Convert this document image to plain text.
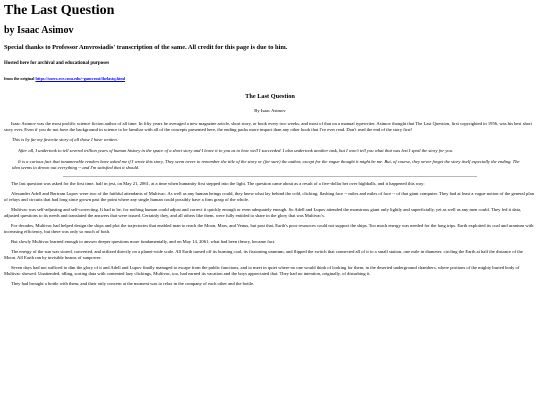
The Last Question
by Isaac Asimov
Special thanks to Professor Amvrosiadis' transcription of the same. All credit for this page is due to him.
Hosted here for archival and educational purposes
from the original https://users.ece.cmu.edu/~gamvrosi/thelastq.html
The Last Question
By Isaac Asimov

Isaac Asimov was the most prolific science fiction author of all time. In fifty years he averaged a new magazine article, short story, or book every two weeks, and most of that on a manual typewriter. Asimov thought that The Last Question, first copyrighted in 1956, was his best short story ever. Even if you do not have the background in science to be familiar with all of the concepts presented here, the ending packs more impact than any other book that I've ever read. Don't read the end of the story first!

This is by far my favorite story of all those I have written.

After all, I undertook to tell several trillion years of human history in the space of a short story and I leave it to you as to how well I succeeded. I also undertook another task, but I won't tell you what that was lest I spoil the story for you.

It is a curious fact that innumerable readers have asked me if I wrote this story. They seem never to remember the title of the story or (for sure) the author, except for the vague thought it might be me. But, of course, they never forget the story itself especially the ending. The idea seems to drown out everything -- and I'm satisfied that it should.

The last question was asked for the first time, half in jest, on May 21, 2061, at a time when humanity first stepped into the light. The question came about as a result of a five-dollar bet over highballs, and it happened this way:

Alexander Adell and Bertram Lupov were two of the faithful attendants of Multivac. As well as any human beings could, they knew what lay behind the cold, clicking, flashing face -- miles and miles of face -- of that giant computer. They had at least a vague notion of the general plan of relays and circuits that had long since grown past the point where any single human could possibly have a firm grasp of the whole.

Multivac was self-adjusting and self-correcting. It had to be, for nothing human could adjust and correct it quickly enough or even adequately enough. So Adell and Lupov attended the monstrous giant only lightly and superficially, yet as well as any men could. They fed it data, adjusted questions to its needs and translated the answers that were issued. Certainly they, and all others like them, were fully entitled to share in the glory that was Multivac's.

For decades, Multivac had helped design the ships and plot the trajectories that enabled man to reach the Moon, Mars, and Venus, but past that, Earth's poor resources could not support the ships. Too much energy was needed for the long trips. Earth exploited its coal and uranium with increasing efficiency, but there was only so much of both.

But slowly Multivac learned enough to answer deeper questions more fundamentally, and on May 14, 2061, what had been theory, became fact.

The energy of the sun was stored, converted, and utilized directly on a planet-wide scale. All Earth turned off its burning coal, its fissioning uranium, and flipped the switch that connected all of it to a small station, one mile in diameter, circling the Earth at half the distance of the Moon. All Earth ran by invisible beams of sunpower.

Seven days had not sufficed to dim the glory of it and Adell and Lupov finally managed to escape from the public functions, and to meet in quiet where no one would think of looking for them, in the deserted underground chambers, where portions of the mighty buried body of Multivac showed. Unattended, idling, sorting data with contented lazy clickings, Multivac, too, had earned its vacation and the boys appreciated that. They had no intention, originally, of disturbing it.

They had brought a bottle with them, and their only concern at the moment was to relax in the company of each other and the bottle.
